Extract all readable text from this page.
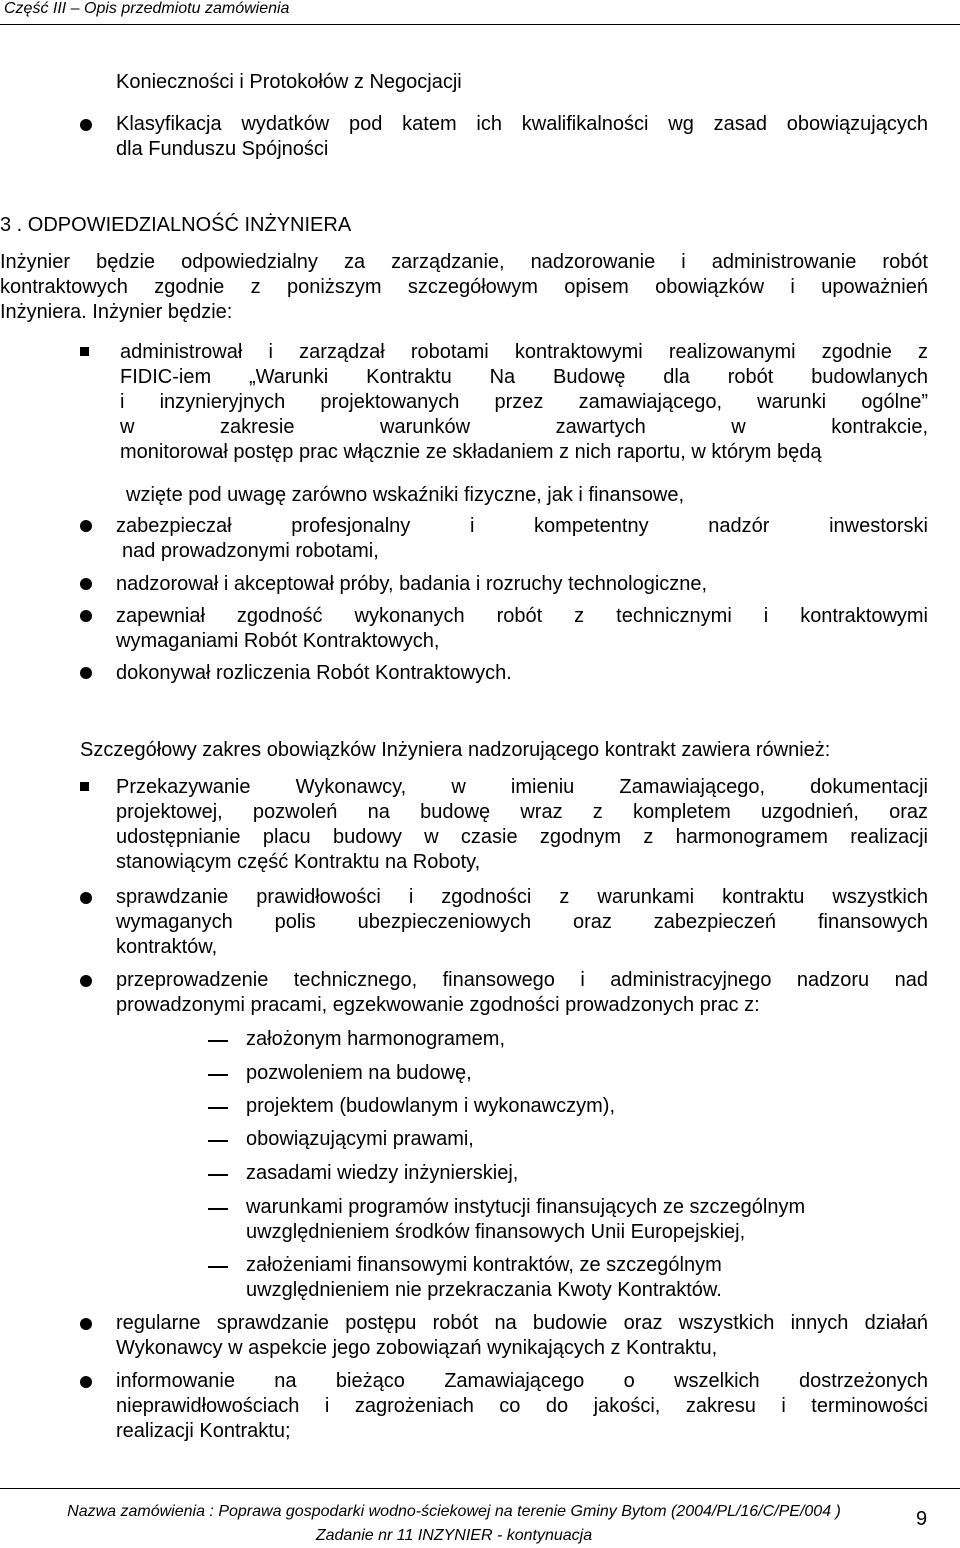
Część III – Opis przedmiotu zamówienia
Konieczności i Protokołów z Negocjacji
Klasyfikacja wydatków pod katem ich kwalifikalności wg zasad obowiązujących
dla Funduszu Spójności
3 . ODPOWIEDZIALNOŚĆ INŻYNIERA
Inżynier będzie odpowiedzialny za zarządzanie, nadzorowanie i administrowanie robót
kontraktowych zgodnie z poniższym szczegółowym opisem obowiązków i upoważnień
Inżyniera. Inżynier będzie:
administrował i zarządzał robotami kontraktowymi realizowanymi zgodnie z
FIDIC-iem „Warunki Kontraktu Na Budowę dla robót budowlanych
i inzynieryjnych projektowanych przez zamawiającego, warunki ogólne”
w zakresie warunków zawartych w kontrakcie,
monitorował postęp prac włącznie ze składaniem z nich raportu, w którym będą
wzięte pod uwagę zarówno wskaźniki fizyczne, jak i finansowe,
zabezpieczał profesjonalny i kompetentny nadzór inwestorski
nad prowadzonymi robotami,
nadzorował i akceptował próby, badania i rozruchy technologiczne,
zapewniał zgodność wykonanych robót z technicznymi i kontraktowymi
wymaganiami Robót Kontraktowych,
dokonywał rozliczenia Robót Kontraktowych.
Szczegółowy zakres obowiązków Inżyniera nadzorującego kontrakt zawiera również:
Przekazywanie Wykonawcy, w imieniu Zamawiającego, dokumentacji
projektowej, pozwoleń na budowę wraz z kompletem uzgodnień, oraz
udostępnianie placu budowy w czasie zgodnym z harmonogramem realizacji
stanowiącym część Kontraktu na Roboty,
sprawdzanie prawidłowości i zgodności z warunkami kontraktu wszystkich
wymaganych polis ubezpieczeniowych oraz zabezpieczeń finansowych
kontraktów,
przeprowadzenie technicznego, finansowego i administracyjnego nadzoru nad
prowadzonymi pracami, egzekwowanie zgodności prowadzonych prac z:
założonym harmonogramem,
pozwoleniem na budowę,
projektem (budowlanym i wykonawczym),
obowiązującymi prawami,
zasadami wiedzy inżynierskiej,
warunkami programów instytucji finansujących ze szczególnym
uwzględnieniem środków finansowych Unii Europejskiej,
założeniami finansowymi kontraktów, ze szczególnym
uwzględnieniem nie przekraczania Kwoty Kontraktów.
regularne sprawdzanie postępu robót na budowie oraz wszystkich innych działań
Wykonawcy w aspekcie jego zobowiązań wynikających z Kontraktu,
informowanie na bieżąco Zamawiającego o wszelkich dostrzeżonych
nieprawidłowościach i zagrożeniach co do jakości, zakresu i terminowości
realizacji Kontraktu;
Nazwa zamówienia : Poprawa gospodarki wodno-ściekowej na terenie Gminy Bytom (2004/PL/16/C/PE/004 )
Zadanie nr 11 INZYNIER - kontynuacja
9
